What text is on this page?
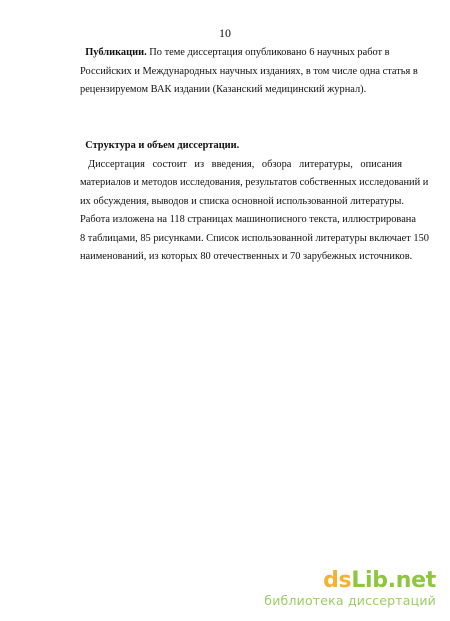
10
Публикации. По теме диссертация опубликовано 6 научных работ в
Российских и Международных научных изданиях, в том числе одна статья в
рецензируемом ВАК издании (Казанский медицинский журнал).
Структура и объем диссертации.
Диссертация состоит из введения, обзора литературы, описания
материалов и методов исследования, результатов собственных исследований и
их обсуждения, выводов и списка основной использованной литературы.
Работа изложена на 118 страницах машинописного текста, иллюстрирована
8 таблицами, 85 рисунками. Список использованной литературы включает 150
наименований, из которых 80 отечественных и 70 зарубежных источников.
dsLib.net
библиотека диссертаций
